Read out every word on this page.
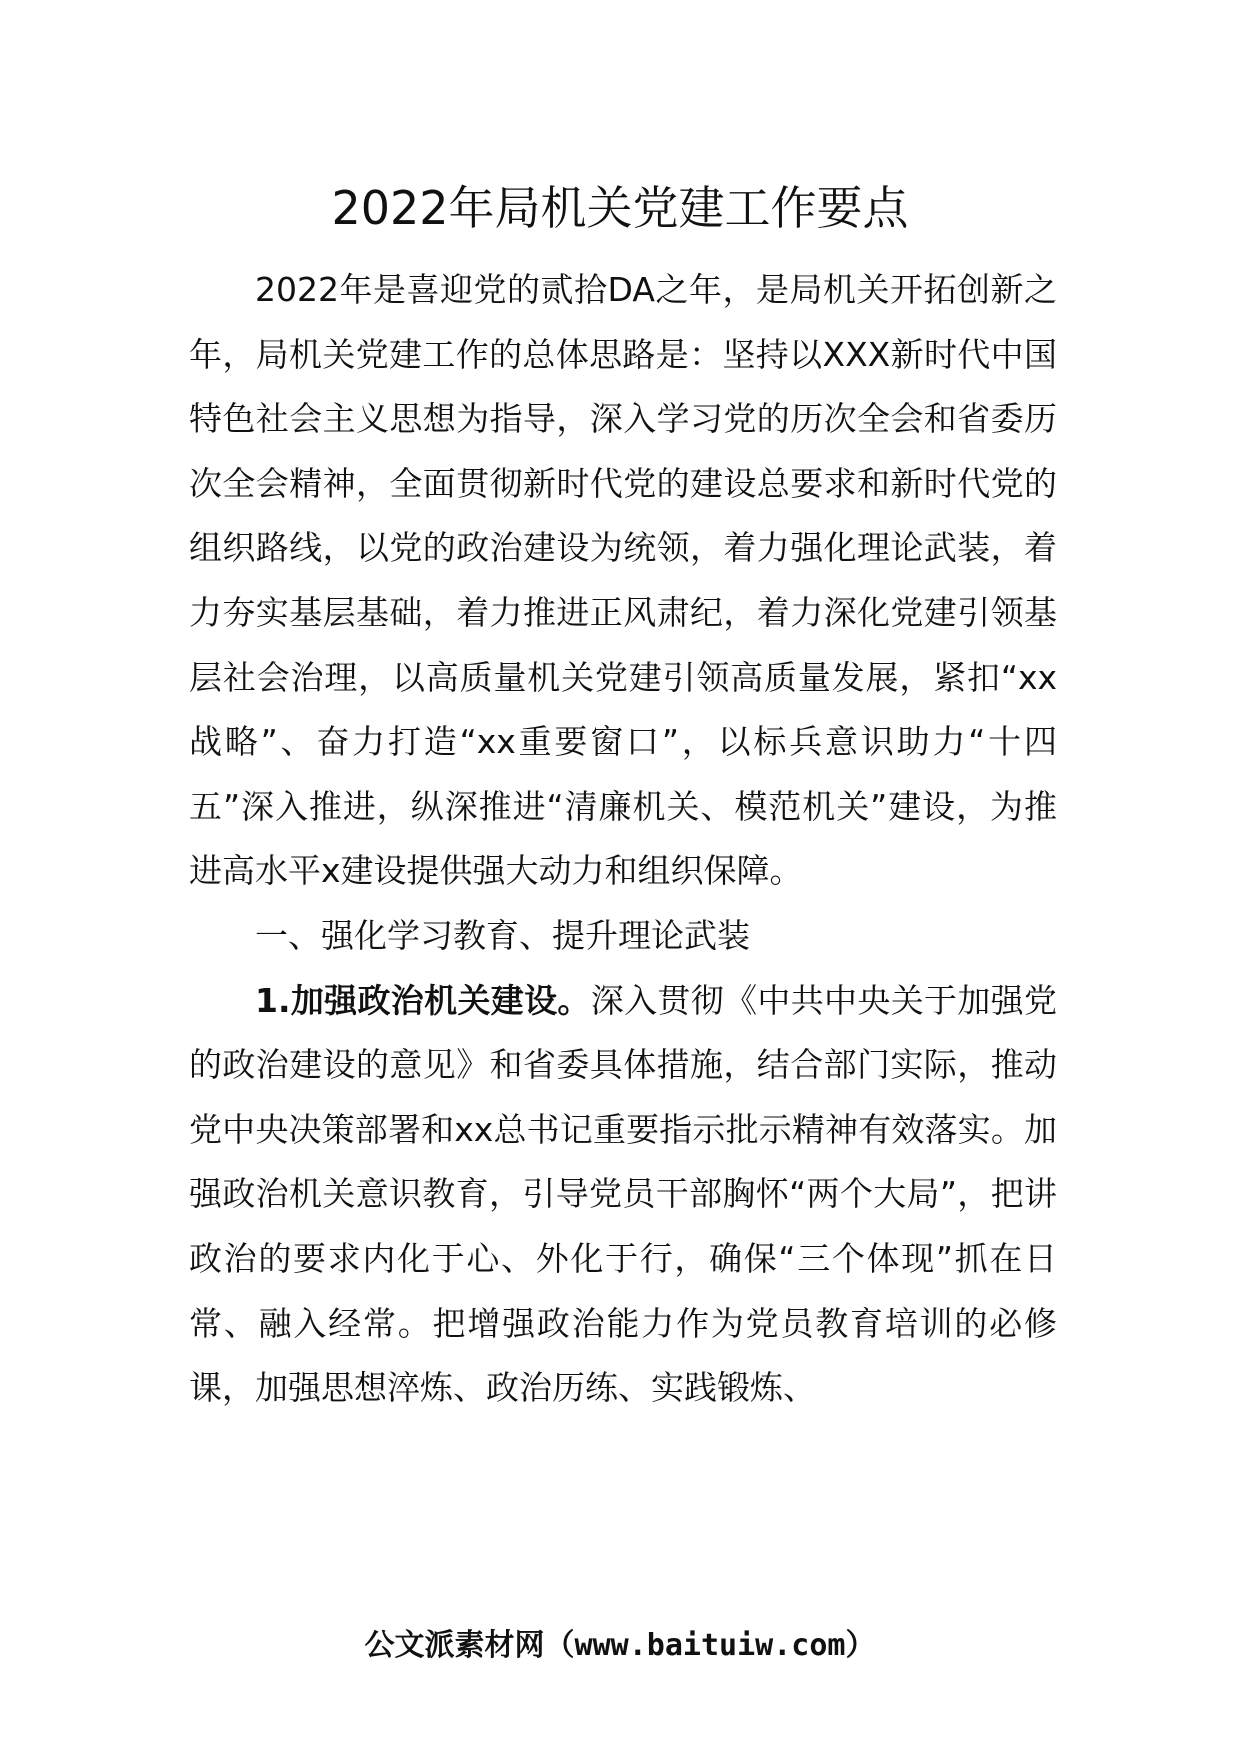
2022年局机关党建工作要点

2022年是喜迎党的贰拾DA之年，是局机关开拓创新之年，局机关党建工作的总体思路是：坚持以XXX新时代中国特色社会主义思想为指导，深入学习党的历次全会和省委历次全会精神，全面贯彻新时代党的建设总要求和新时代党的组织路线，以党的政治建设为统领，着力强化理论武装，着力夯实基层基础，着力推进正风肃纪，着力深化党建引领基层社会治理，以高质量机关党建引领高质量发展，紧扣“xx战略”、奋力打造“xx重要窗口”，以标兵意识助力“十四五”深入推进，纵深推进“清廉机关、模范机关”建设，为推进高水平x建设提供强大动力和组织保障。

一、强化学习教育、提升理论武装

1.加强政治机关建设。深入贯彻《中共中央关于加强党的政治建设的意见》和省委具体措施，结合部门实际，推动党中央决策部署和xx总书记重要指示批示精神有效落实。加强政治机关意识教育，引导党员干部胸怀“两个大局”，把讲政治的要求内化于心、外化于行，确保“三个体现”抓在日常、融入经常。把增强政治能力作为党员教育培训的必修课，加强思想淬炼、政治历练、实践锻炼、

公文派素材网（www.baituiw.com）
